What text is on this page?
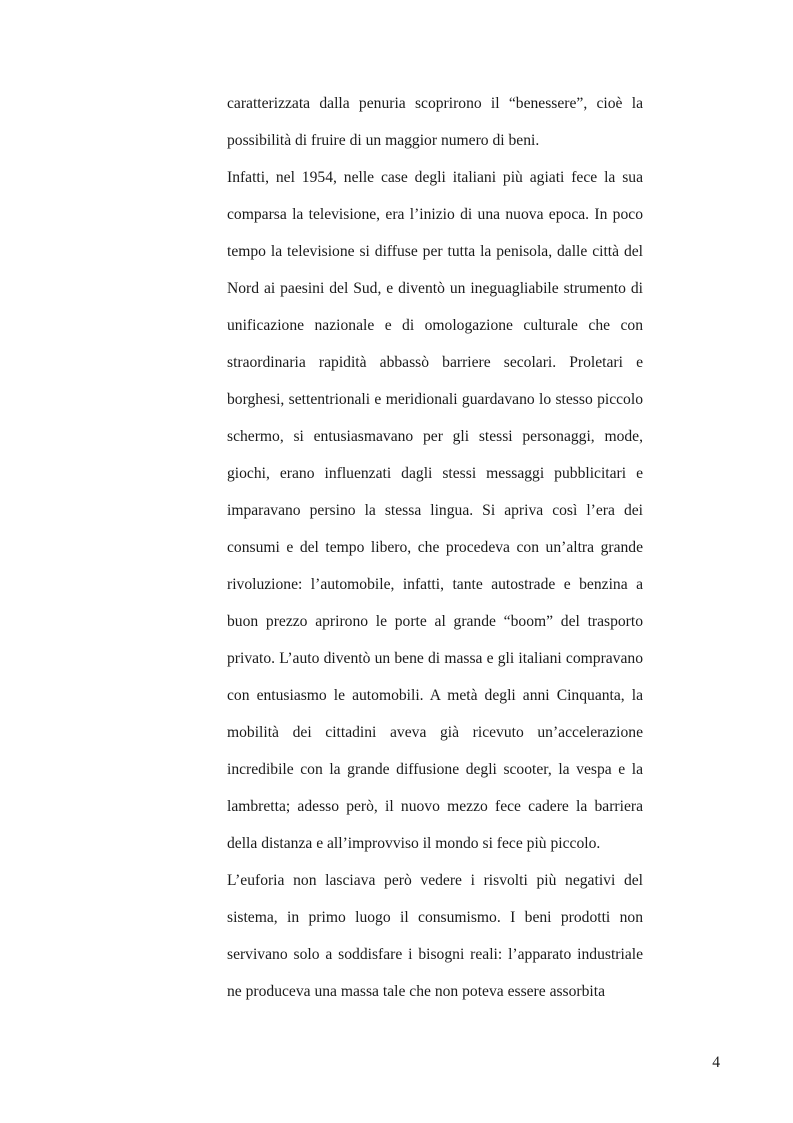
caratterizzata dalla penuria scoprirono il “benessere”, cioè la possibilità di fruire di un maggior numero di beni.

Infatti, nel 1954, nelle case degli italiani più agiati fece la sua comparsa la televisione, era l’inizio di una nuova epoca. In poco tempo la televisione si diffuse per tutta la penisola, dalle città del Nord ai paesini del Sud, e diventò un ineguagliabile strumento di unificazione nazionale e di omologazione culturale che con straordinaria rapidità abbassò barriere secolari. Proletari e borghesi, settentrionali e meridionali guardavano lo stesso piccolo schermo, si entusiasmavano per gli stessi personaggi, mode, giochi, erano influenzati dagli stessi messaggi pubblicitari e imparavano persino la stessa lingua. Si apriva così l’era dei consumi e del tempo libero, che procedeva con un’altra grande rivoluzione: l’automobile, infatti, tante autostrade e benzina a buon prezzo aprirono le porte al grande “boom” del trasporto privato. L’auto diventò un bene di massa e gli italiani compravano con entusiasmo le automobili. A metà degli anni Cinquanta, la mobilità dei cittadini aveva già ricevuto un’accelerazione incredibile con la grande diffusione degli scooter, la vespa e la lambretta; adesso però, il nuovo mezzo fece cadere la barriera della distanza e all’improvviso il mondo si fece più piccolo.

L’euforia non lasciava però vedere i risvolti più negativi del sistema, in primo luogo il consumismo. I beni prodotti non servivano solo a soddisfare i bisogni reali: l’apparato industriale ne produceva una massa tale che non poteva essere assorbita

4
